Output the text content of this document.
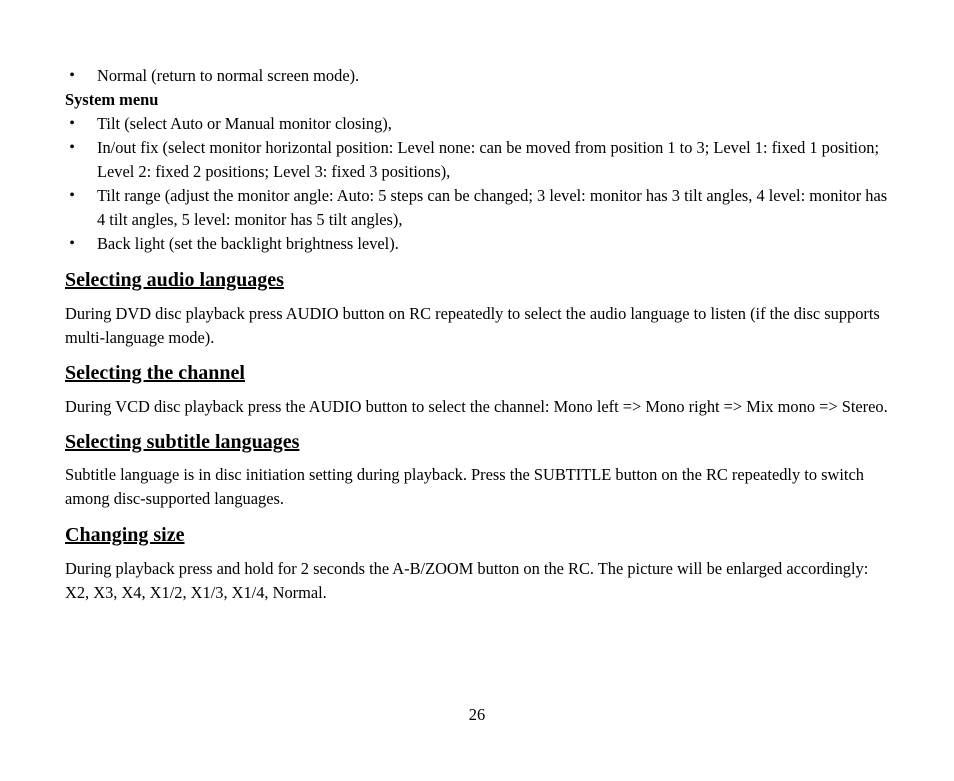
• Normal (return to normal screen mode).

System menu

• Tilt (select Auto or Manual monitor closing),
• In/out fix (select monitor horizontal position: Level none: can be moved from position 1 to 3; Level 1: fixed 1 position; Level 2: fixed 2 positions; Level 3: fixed 3 positions),
• Tilt range (adjust the monitor angle: Auto: 5 steps can be changed; 3 level: monitor has 3 tilt angles, 4 level: monitor has 4 tilt angles, 5 level: monitor has 5 tilt angles),
• Back light (set the backlight brightness level).
Selecting audio languages

During DVD disc playback press AUDIO button on RC repeatedly to select the audio language to listen (if the disc supports multi-language mode).

Selecting the channel

During VCD disc playback press the AUDIO button to select the channel: Mono left => Mono right => Mix mono => Stereo.

Selecting subtitle languages

Subtitle language is in disc initiation setting during playback. Press the SUBTITLE button on the RC repeatedly to switch among disc-supported languages.

Changing size

During playback press and hold for 2 seconds the A-B/ZOOM button on the RC. The picture will be enlarged accordingly: X2, X3, X4, X1/2, X1/3, X1/4, Normal.

26
